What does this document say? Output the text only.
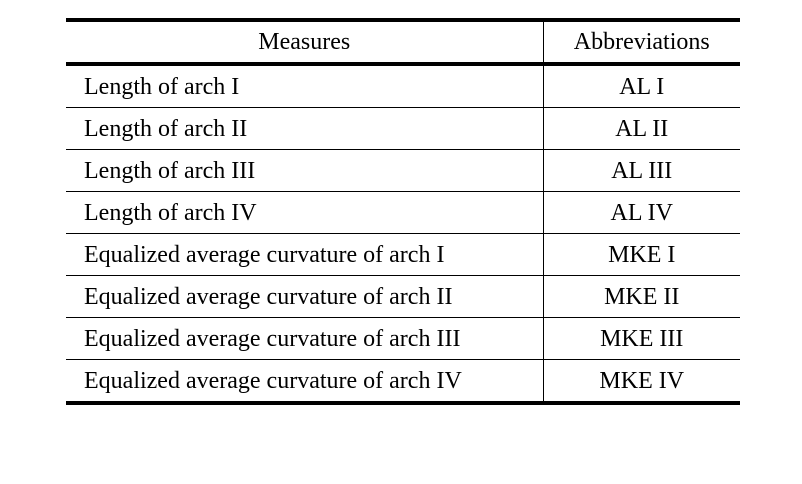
Measures	Abbreviations
Length of arch I	AL I
Length of arch II	AL II
Length of arch III	AL III
Length of arch IV	AL IV
Equalized average curvature of arch I	MKE I
Equalized average curvature of arch II	MKE II
Equalized average curvature of arch III	MKE III
Equalized average curvature of arch IV	MKE IV
